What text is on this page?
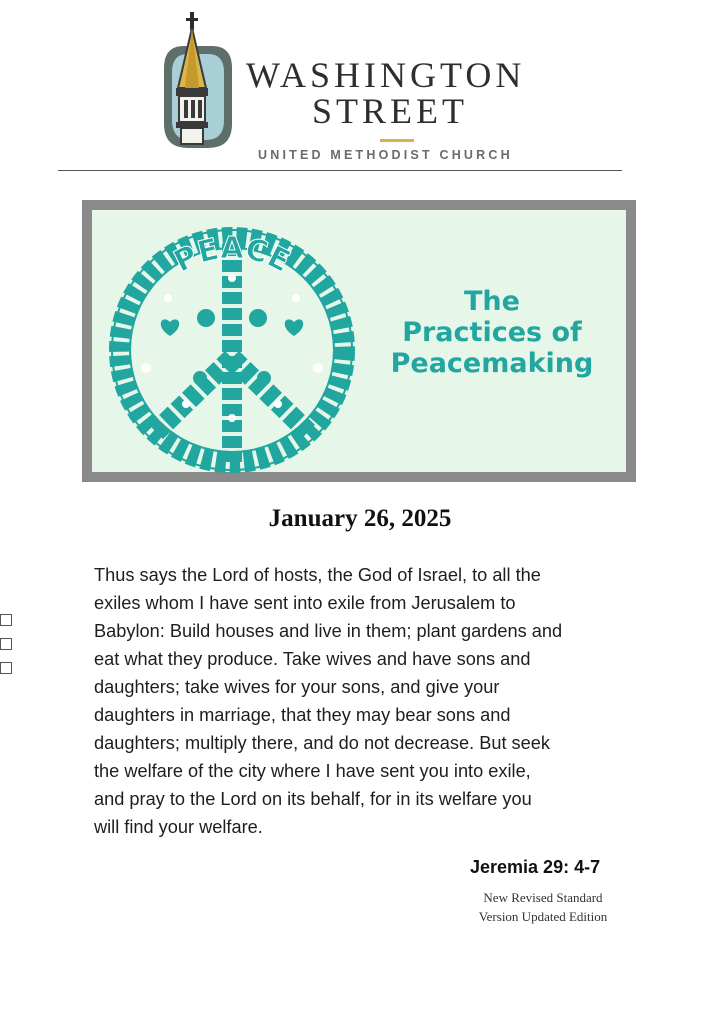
WASHINGTON
STREET
UNITED METHODIST CHURCH
PEACE
The
Practices of
Peacemaking
January 26, 2025
Thus says the Lord of hosts, the God of Israel, to all the
exiles whom I have sent into exile from Jerusalem to
Babylon: Build houses and live in them; plant gardens and
eat what they produce. Take wives and have sons and
daughters; take wives for your sons, and give your
daughters in marriage, that they may bear sons and
daughters; multiply there, and do not decrease. But seek
the welfare of the city where I have sent you into exile,
and pray to the Lord on its behalf, for in its welfare you
will find your welfare.
Jeremia 29: 4-7
New Revised Standard
Version Updated Edition
